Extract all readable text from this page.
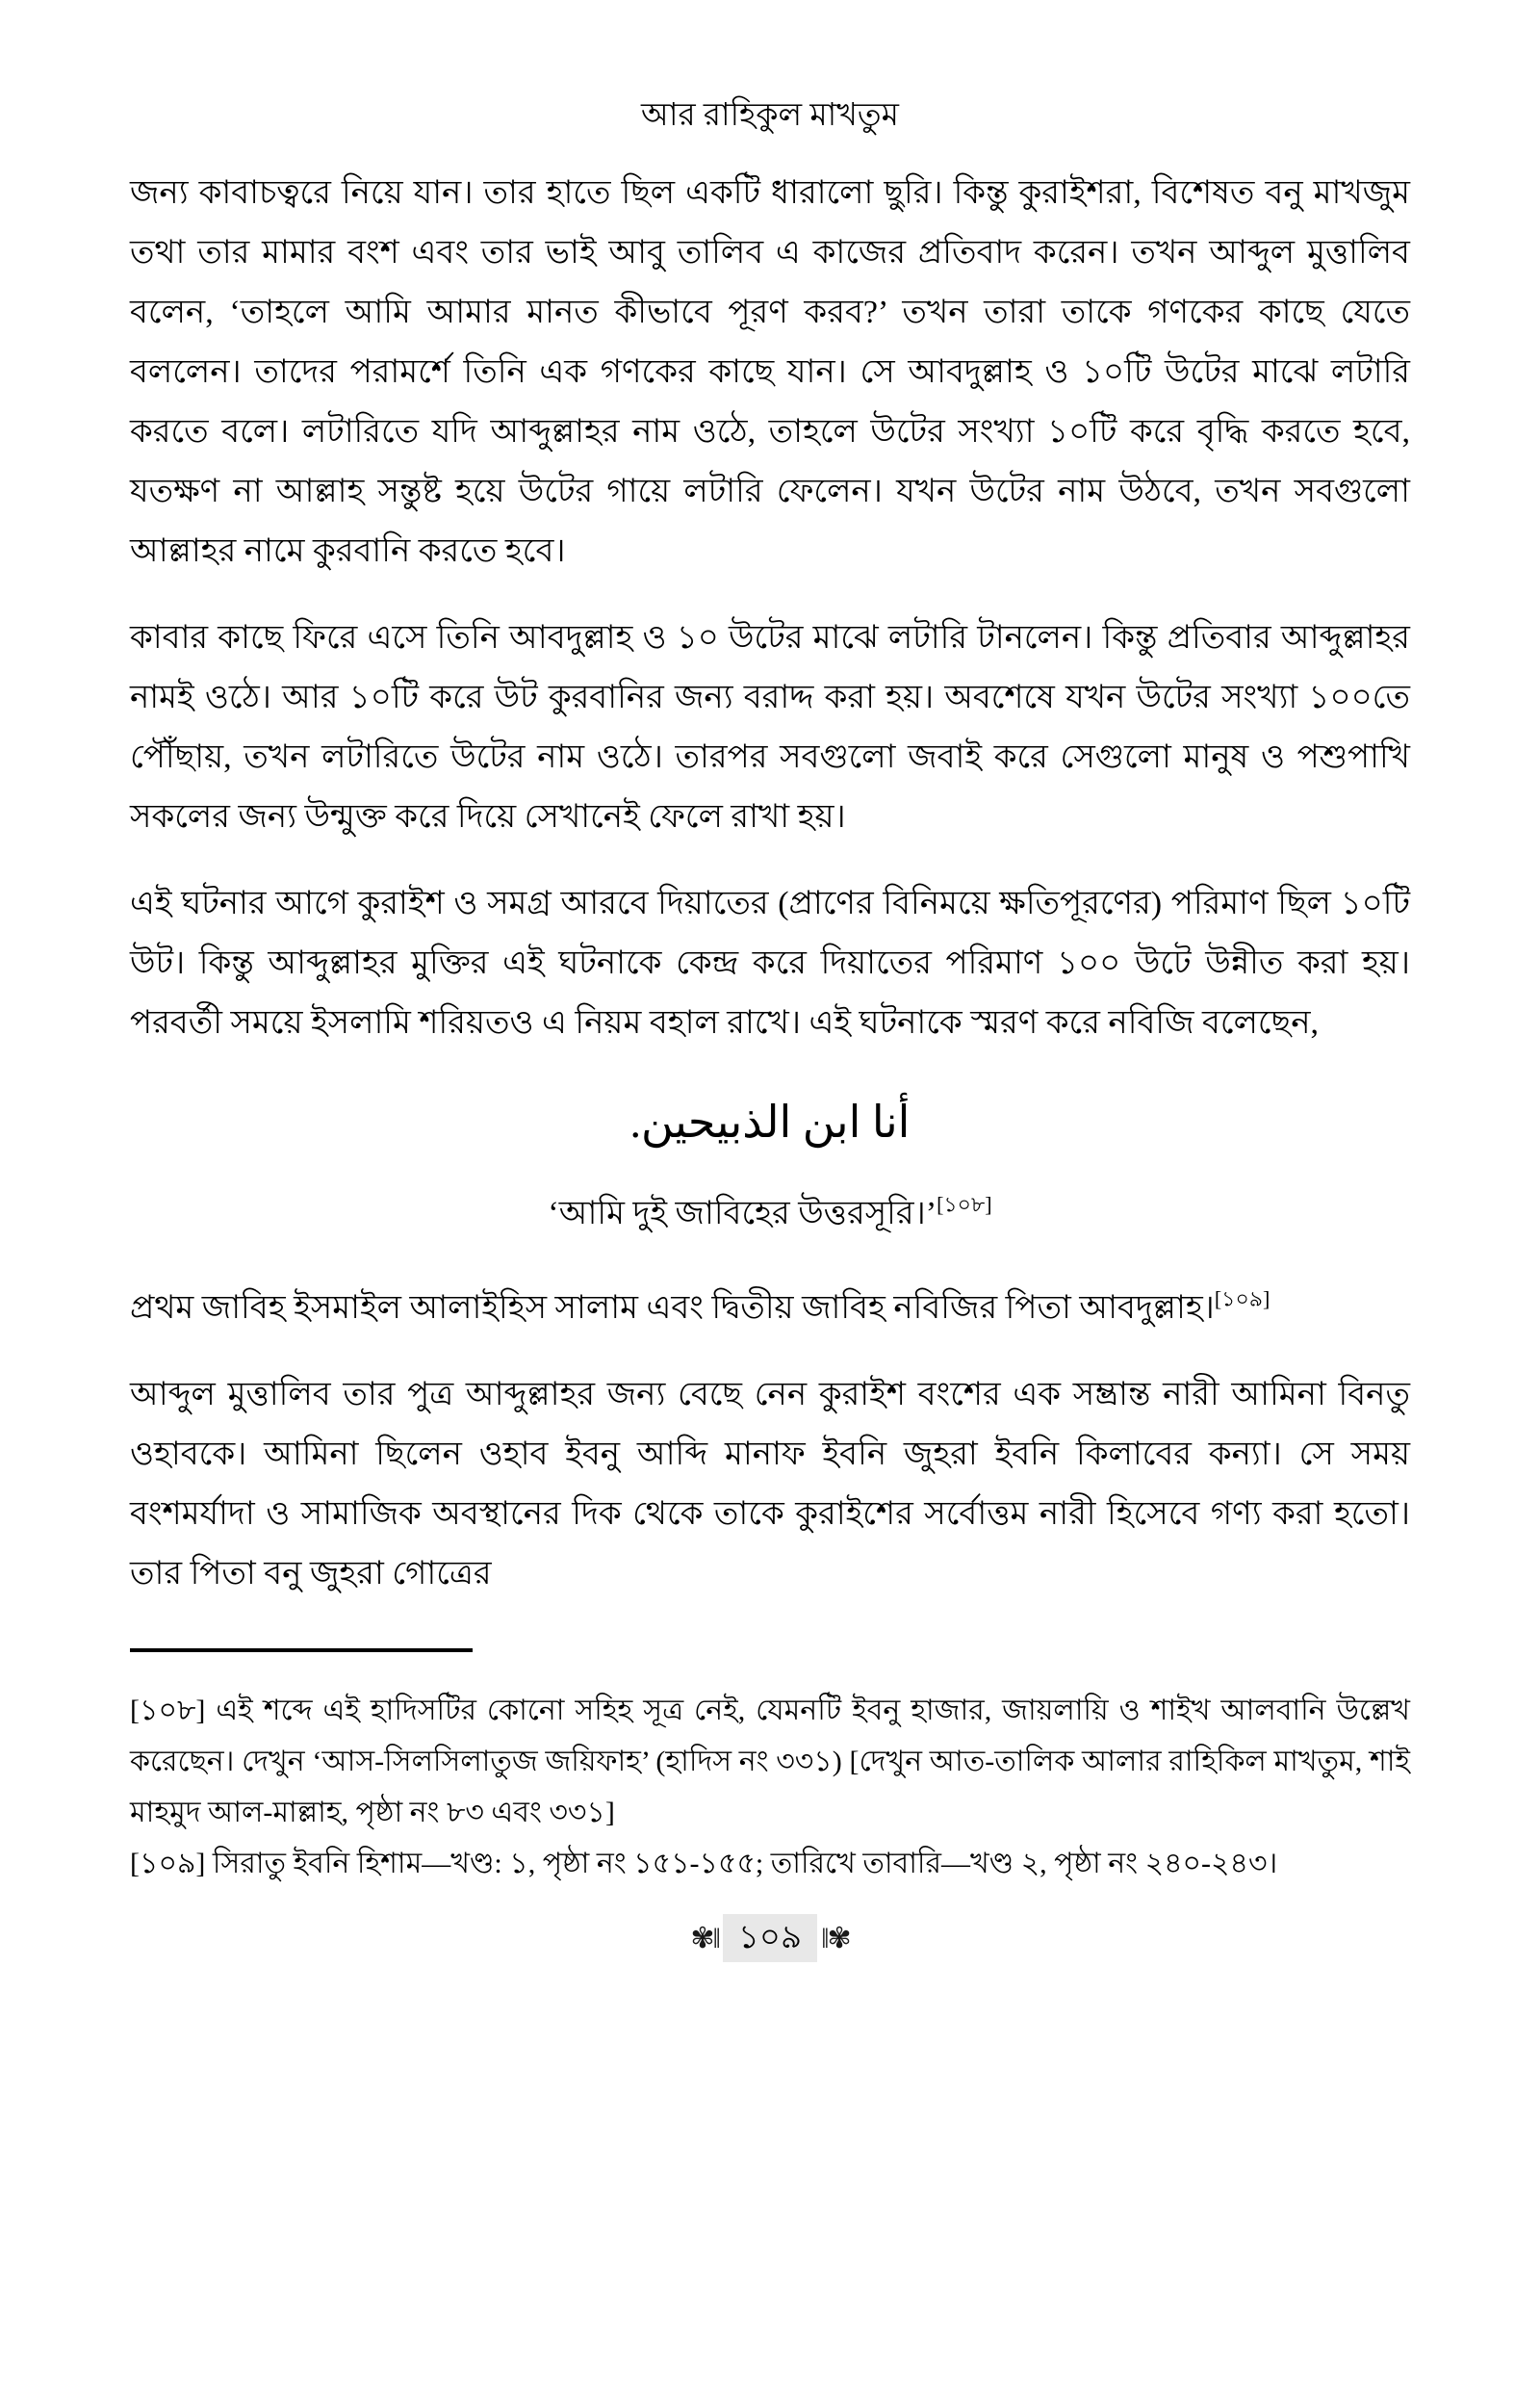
আর রাহিকুল মাখতুম

জন্য কাবাচত্বরে নিয়ে যান। তার হাতে ছিল একটি ধারালো ছুরি। কিন্তু কুরাইশরা, বিশেষত বনু মাখজুম তথা তার মামার বংশ এবং তার ভাই আবু তালিব এ কাজের প্রতিবাদ করেন। তখন আব্দুল মুত্তালিব বলেন, ‘তাহলে আমি আমার মানত কীভাবে পূরণ করব?’ তখন তারা তাকে গণকের কাছে যেতে বললেন। তাদের পরামর্শে তিনি এক গণকের কাছে যান। সে আবদুল্লাহ ও ১০টি উটের মাঝে লটারি করতে বলে। লটারিতে যদি আব্দুল্লাহর নাম ওঠে, তাহলে উটের সংখ্যা ১০টি করে বৃদ্ধি করতে হবে, যতক্ষণ না আল্লাহ সন্তুষ্ট হয়ে উটের গায়ে লটারি ফেলেন। যখন উটের নাম উঠবে, তখন সবগুলো আল্লাহর নামে কুরবানি করতে হবে।

কাবার কাছে ফিরে এসে তিনি আবদুল্লাহ ও ১০ উটের মাঝে লটারি টানলেন। কিন্তু প্রতিবার আব্দুল্লাহর নামই ওঠে। আর ১০টি করে উট কুরবানির জন্য বরাদ্দ করা হয়। অবশেষে যখন উটের সংখ্যা ১০০তে পৌঁছায়, তখন লটারিতে উটের নাম ওঠে। তারপর সবগুলো জবাই করে সেগুলো মানুষ ও পশুপাখি সকলের জন্য উন্মুক্ত করে দিয়ে সেখানেই ফেলে রাখা হয়।

এই ঘটনার আগে কুরাইশ ও সমগ্র আরবে দিয়াতের (প্রাণের বিনিময়ে ক্ষতিপূরণের) পরিমাণ ছিল ১০টি উট। কিন্তু আব্দুল্লাহর মুক্তির এই ঘটনাকে কেন্দ্র করে দিয়াতের পরিমাণ ১০০ উটে উন্নীত করা হয়। পরবর্তী সময়ে ইসলামি শরিয়তও এ নিয়ম বহাল রাখে। এই ঘটনাকে স্মরণ করে নবিজি বলেছেন,

أنا ابن الذبيحين.
‘আমি দুই জাবিহের উত্তরসূরি।’[১০৮]

প্রথম জাবিহ ইসমাইল আলাইহিস সালাম এবং দ্বিতীয় জাবিহ নবিজির পিতা আবদুল্লাহ।[১০৯]

আব্দুল মুত্তালিব তার পুত্র আব্দুল্লাহর জন্য বেছে নেন কুরাইশ বংশের এক সম্ভ্রান্ত নারী আমিনা বিনতু ওহাবকে। আমিনা ছিলেন ওহাব ইবনু আব্দি মানাফ ইবনি জুহরা ইবনি কিলাবের কন্যা। সে সময় বংশমর্যাদা ও সামাজিক অবস্থানের দিক থেকে তাকে কুরাইশের সর্বোত্তম নারী হিসেবে গণ্য করা হতো। তার পিতা বনু জুহরা গোত্রের

[১০৮] এই শব্দে এই হাদিসটির কোনো সহিহ সূত্র নেই, যেমনটি ইবনু হাজার, জায়লায়ি ও শাইখ আলবানি উল্লেখ করেছেন। দেখুন ‘আস-সিলসিলাতুজ জয়িফাহ’ (হাদিস নং ৩৩১) [দেখুন আত-তালিক আলার রাহিকিল মাখতুম, শাই মাহমুদ আল-মাল্লাহ, পৃষ্ঠা নং ৮৩ এবং ৩৩১]

[১০৯] সিরাতু ইবনি হিশাম—খণ্ড: ১, পৃষ্ঠা নং ১৫১-১৫৫; তারিখে তাবারি—খণ্ড ২, পৃষ্ঠা নং ২৪০-২৪৩।

✾‖ ১০৯ ‖✾
